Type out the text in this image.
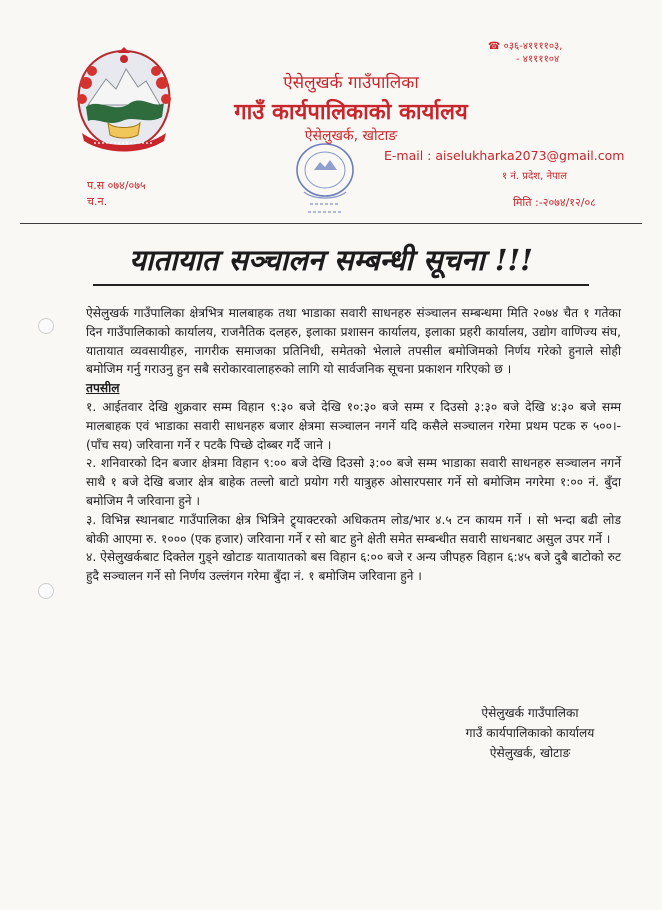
ऐसेलुखर्क गाउँपालिका
गाउँ कार्यपालिकाको कार्यालय
ऐसेलुखर्क, खोटाङ
☎ ०३६-४११११०३,
- ४११११०४
E-mail : aiselukharka2073@gmail.com
१ नं. प्रदेश, नेपाल
प.स ०७४/०७५
च.न.	मिति :-२०७४/१२/०८
यातायात सञ्चालन सम्बन्धी सूचना !!!

ऐसेलुखर्क गाउँपालिका क्षेत्रभित्र मालबाहक तथा भाडाका सवारी साधनहरु संञ्चालन सम्बन्धमा मिति २०७४ चैत १ गतेका दिन गाउँपालिकाको कार्यालय, राजनैतिक दलहरु, इलाका प्रशासन कार्यालय, इलाका प्रहरी कार्यालय, उद्योग वाणिज्य संघ, यातायात व्यवसायीहरु, नागरीक समाजका प्रतिनिधी, समेतको भेलाले तपसील बमोजिमको निर्णय गरेको हुनाले सोही बमोजिम गर्नु गराउनु हुन सबै सरोकारवालाहरुको लागि यो सार्वजनिक सूचना प्रकाशन गरिएको छ ।

तपसील

१. आईतवार देखि शुक्रवार सम्म विहान ९:३० बजे देखि १०:३० बजे सम्म र दिउसो ३:३० बजे देखि ४:३० बजे सम्म मालबाहक एवं भाडाका सवारी साधनहरु बजार क्षेत्रमा सञ्चालन नगर्ने यदि कसैले सञ्चालन गरेमा प्रथम पटक रु ५००।- (पाँच सय) जरिवाना गर्ने र पटकै पिच्छे दोब्बर गर्दै जाने ।

२. शनिवारको दिन बजार क्षेत्रमा विहान ९:०० बजे देखि दिउसो ३:०० बजे सम्म भाडाका सवारी साधनहरु सञ्चालन नगर्ने साथै १ बजे देखि बजार क्षेत्र बाहेक तल्लो बाटो प्रयोग गरी यात्रुहरु ओसारपसार गर्ने सो बमोजिम नगरेमा १:०० नं. बुँदा बमोजिम नै जरिवाना हुने ।

३. विभिन्न स्थानबाट गाउँपालिका क्षेत्र भित्रिने ट्र्याक्टरको अधिकतम लोड/भार ४.५ टन कायम गर्ने । सो भन्दा बढी लोड बोकी आएमा रु. १००० (एक हजार) जरिवाना गर्ने र सो बाट हुने क्षेती समेत सम्बन्धीत सवारी साधनबाट असुल उपर गर्ने ।

४. ऐसेलुखर्कबाट दिक्तेल गुड्ने खोटाङ यातायातको बस विहान ६:०० बजे र अन्य जीपहरु विहान ६:४५ बजे दुबै बाटोको रुट हुदै सञ्चालन गर्ने सो निर्णय उल्लंगन गरेमा बुँदा नं. १ बमोजिम जरिवाना हुने ।

ऐसेलुखर्क गाउँपालिका
गाउँ कार्यपालिकाको कार्यालय
ऐसेलुखर्क, खोटाङ
